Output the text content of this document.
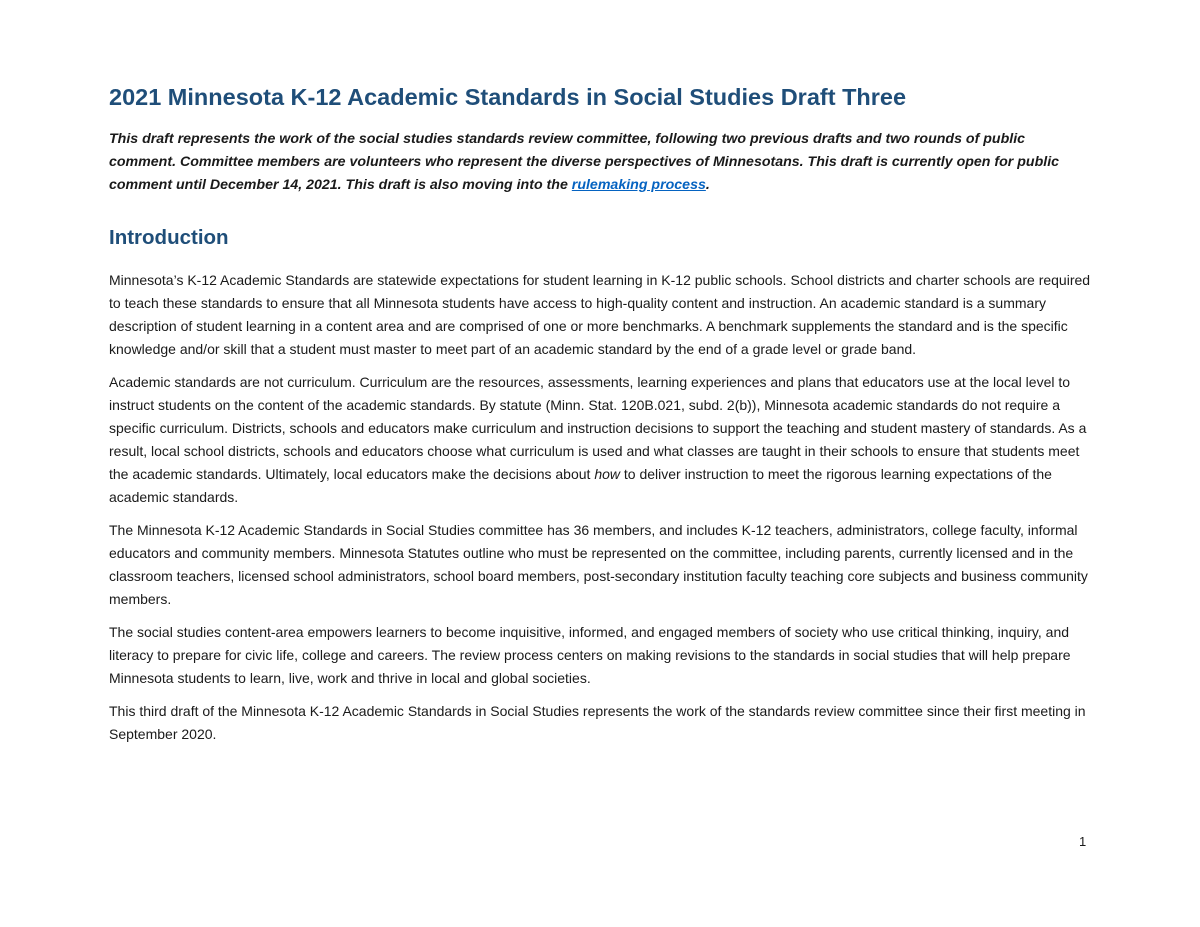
2021 Minnesota K-12 Academic Standards in Social Studies Draft Three

This draft represents the work of the social studies standards review committee, following two previous drafts and two rounds of public comment. Committee members are volunteers who represent the diverse perspectives of Minnesotans. This draft is currently open for public comment until December 14, 2021. This draft is also moving into the rulemaking process.

Introduction

Minnesota’s K-12 Academic Standards are statewide expectations for student learning in K-12 public schools. School districts and charter schools are required to teach these standards to ensure that all Minnesota students have access to high-quality content and instruction. An academic standard is a summary description of student learning in a content area and are comprised of one or more benchmarks. A benchmark supplements the standard and is the specific knowledge and/or skill that a student must master to meet part of an academic standard by the end of a grade level or grade band.

Academic standards are not curriculum. Curriculum are the resources, assessments, learning experiences and plans that educators use at the local level to instruct students on the content of the academic standards. By statute (Minn. Stat. 120B.021, subd. 2(b)), Minnesota academic standards do not require a specific curriculum. Districts, schools and educators make curriculum and instruction decisions to support the teaching and student mastery of standards. As a result, local school districts, schools and educators choose what curriculum is used and what classes are taught in their schools to ensure that students meet the academic standards. Ultimately, local educators make the decisions about how to deliver instruction to meet the rigorous learning expectations of the academic standards.

The Minnesota K-12 Academic Standards in Social Studies committee has 36 members, and includes K-12 teachers, administrators, college faculty, informal educators and community members. Minnesota Statutes outline who must be represented on the committee, including parents, currently licensed and in the classroom teachers, licensed school administrators, school board members, post-secondary institution faculty teaching core subjects and business community members.

The social studies content-area empowers learners to become inquisitive, informed, and engaged members of society who use critical thinking, inquiry, and literacy to prepare for civic life, college and careers. The review process centers on making revisions to the standards in social studies that will help prepare Minnesota students to learn, live, work and thrive in local and global societies.

This third draft of the Minnesota K-12 Academic Standards in Social Studies represents the work of the standards review committee since their first meeting in September 2020.

1
